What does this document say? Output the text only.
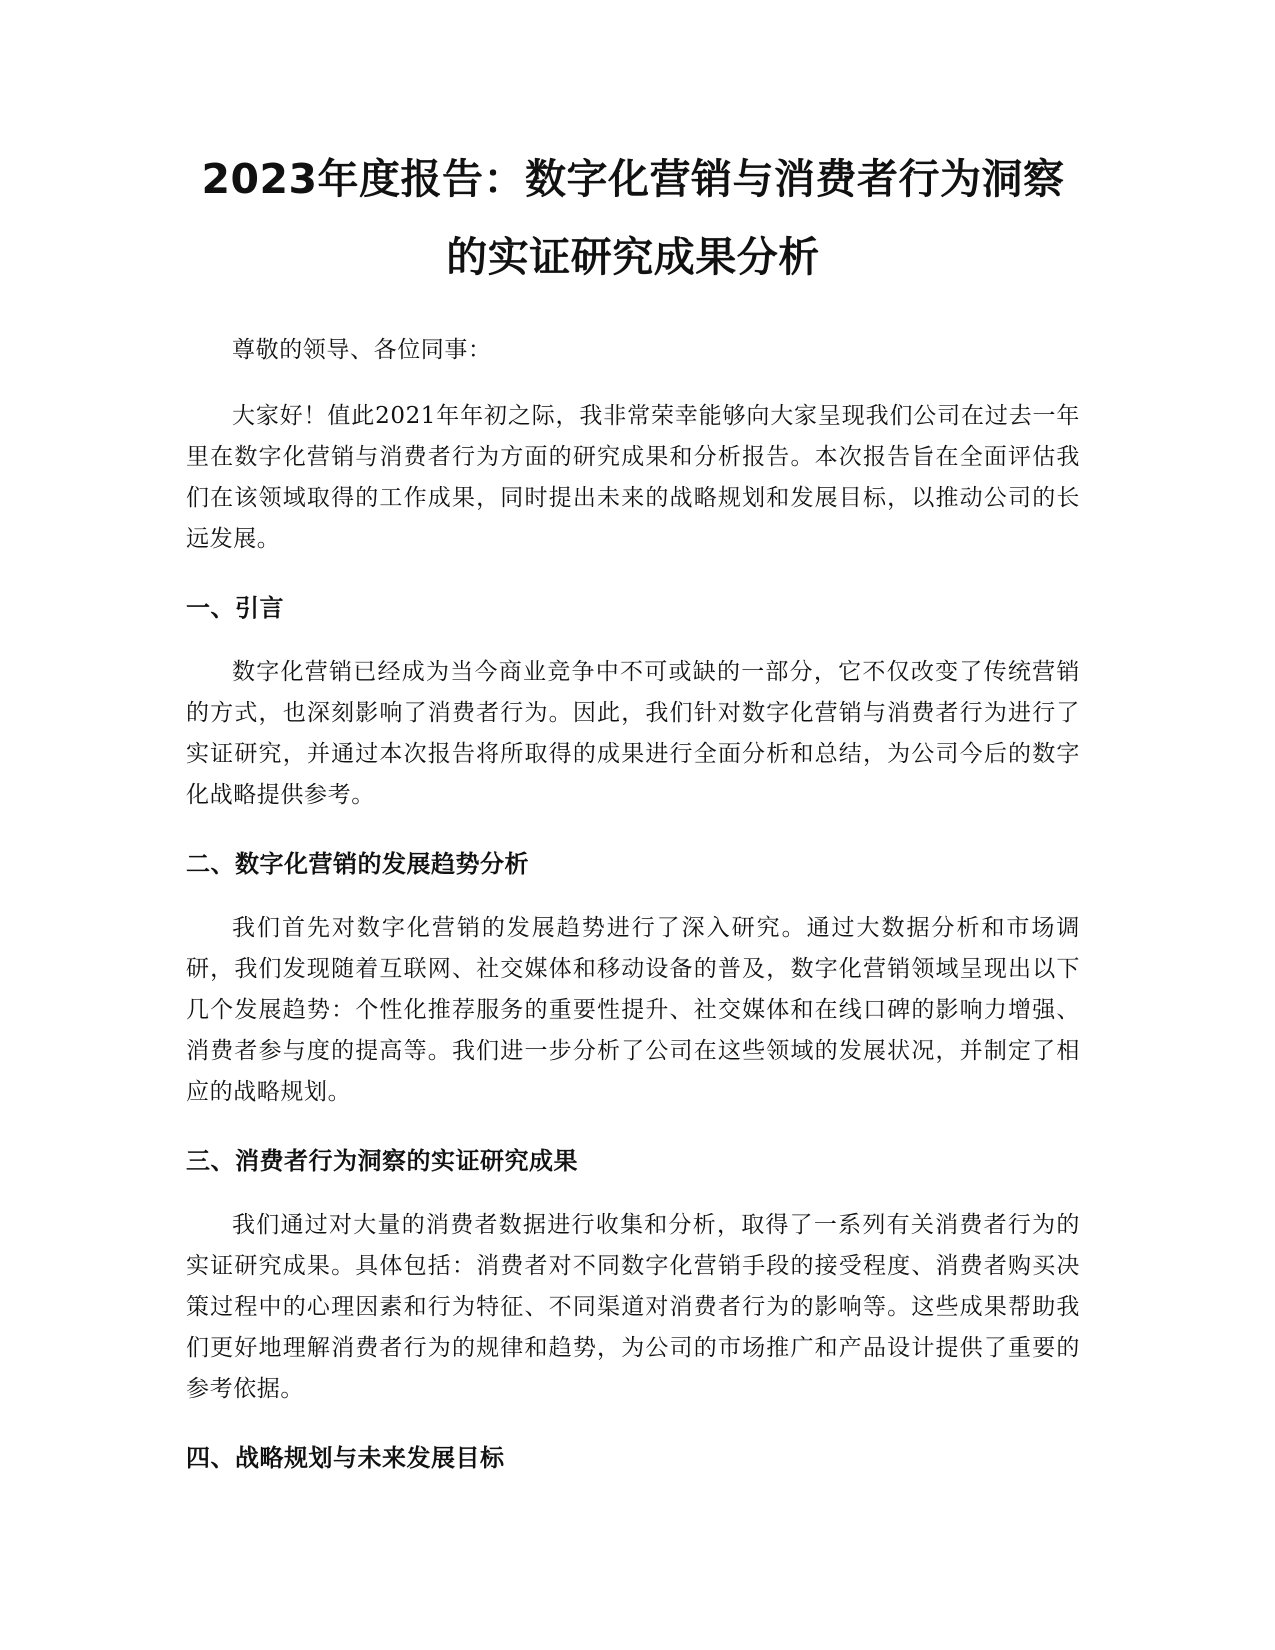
2023年度报告：数字化营销与消费者行为洞察的实证研究成果分析

尊敬的领导、各位同事：

大家好！值此2021年年初之际，我非常荣幸能够向大家呈现我们公司在过去一年里在数字化营销与消费者行为方面的研究成果和分析报告。本次报告旨在全面评估我们在该领域取得的工作成果，同时提出未来的战略规划和发展目标，以推动公司的长远发展。

一、引言

数字化营销已经成为当今商业竞争中不可或缺的一部分，它不仅改变了传统营销的方式，也深刻影响了消费者行为。因此，我们针对数字化营销与消费者行为进行了实证研究，并通过本次报告将所取得的成果进行全面分析和总结，为公司今后的数字化战略提供参考。

二、数字化营销的发展趋势分析

我们首先对数字化营销的发展趋势进行了深入研究。通过大数据分析和市场调研，我们发现随着互联网、社交媒体和移动设备的普及，数字化营销领域呈现出以下几个发展趋势：个性化推荐服务的重要性提升、社交媒体和在线口碑的影响力增强、消费者参与度的提高等。我们进一步分析了公司在这些领域的发展状况，并制定了相应的战略规划。

三、消费者行为洞察的实证研究成果

我们通过对大量的消费者数据进行收集和分析，取得了一系列有关消费者行为的实证研究成果。具体包括：消费者对不同数字化营销手段的接受程度、消费者购买决策过程中的心理因素和行为特征、不同渠道对消费者行为的影响等。这些成果帮助我们更好地理解消费者行为的规律和趋势，为公司的市场推广和产品设计提供了重要的参考依据。

四、战略规划与未来发展目标
